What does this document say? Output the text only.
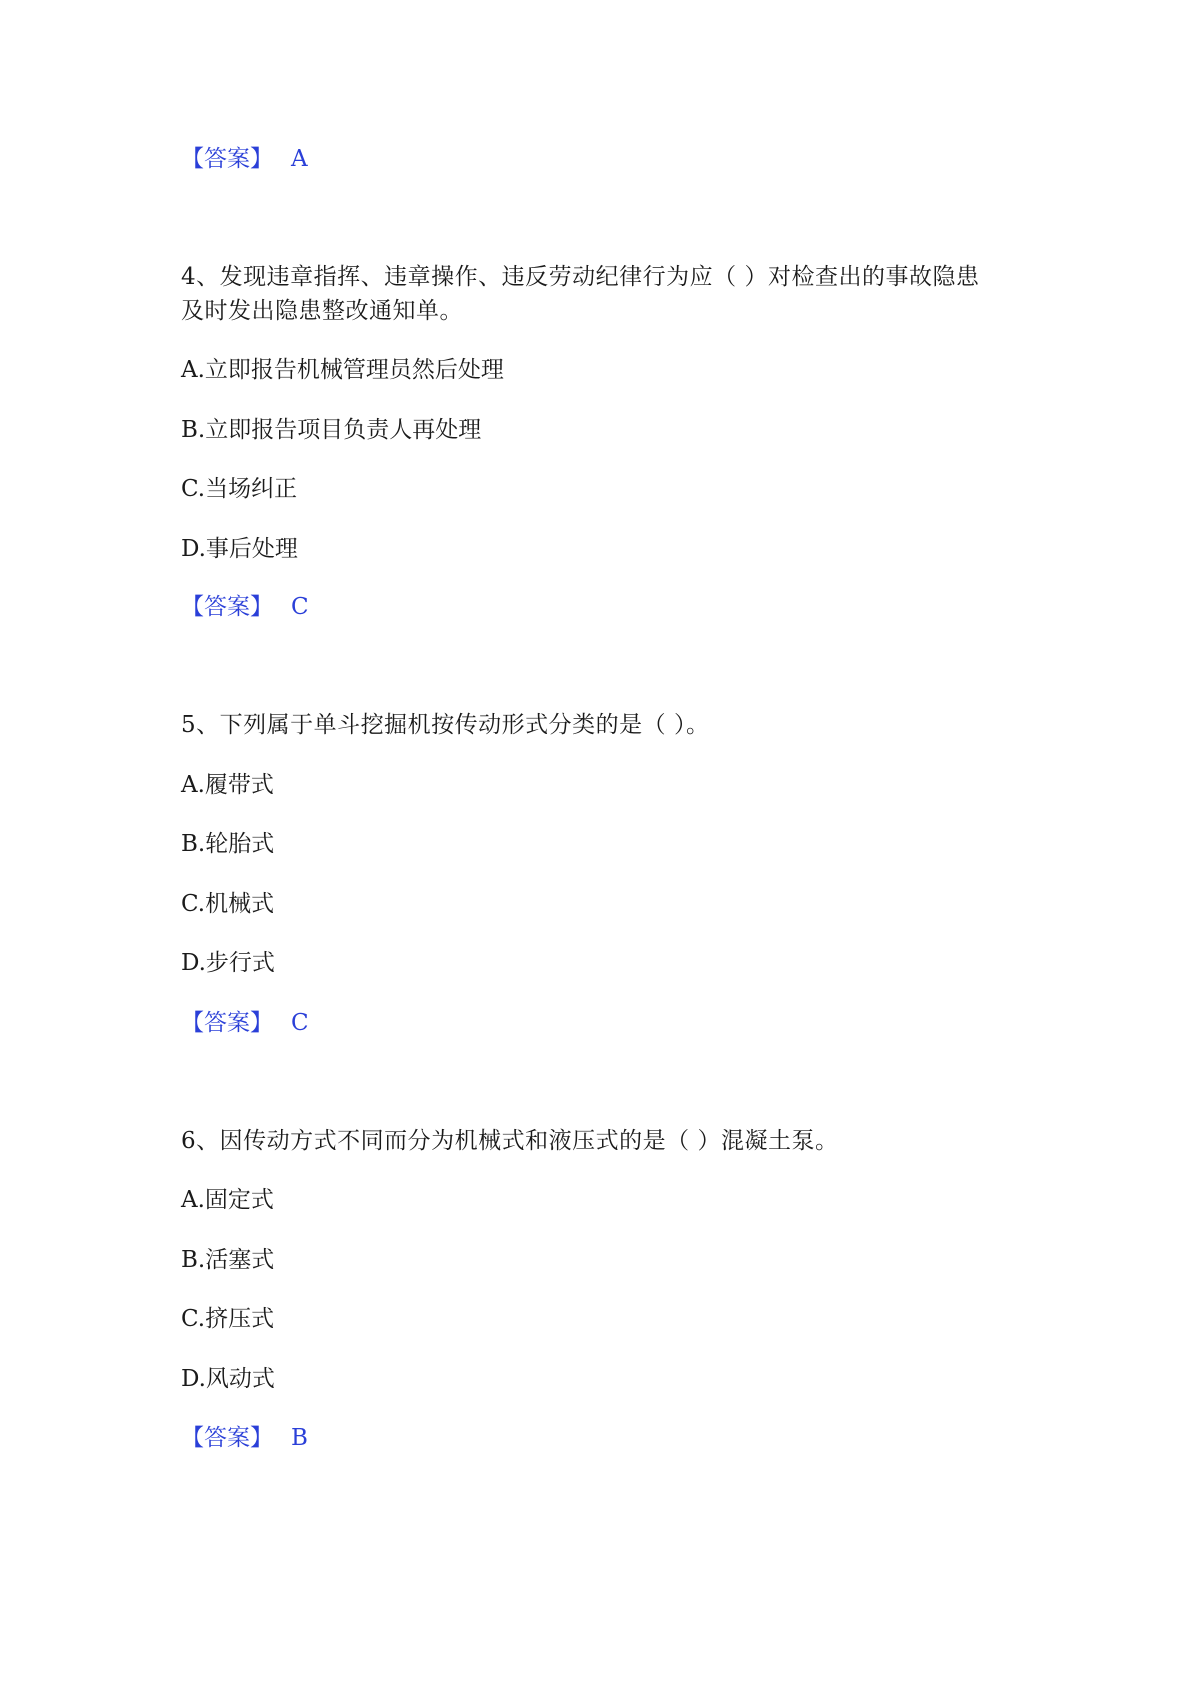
【答案】 A
4、发现违章指挥、违章操作、违反劳动纪律行为应（ ）对检查出的事故隐患
及时发出隐患整改通知单。
A.立即报告机械管理员然后处理
B.立即报告项目负责人再处理
C.当场纠正
D.事后处理
【答案】 C
5、下列属于单斗挖掘机按传动形式分类的是（ ）。
A.履带式
B.轮胎式
C.机械式
D.步行式
【答案】 C
6、因传动方式不同而分为机械式和液压式的是（ ）混凝土泵。
A.固定式
B.活塞式
C.挤压式
D.风动式
【答案】 B
